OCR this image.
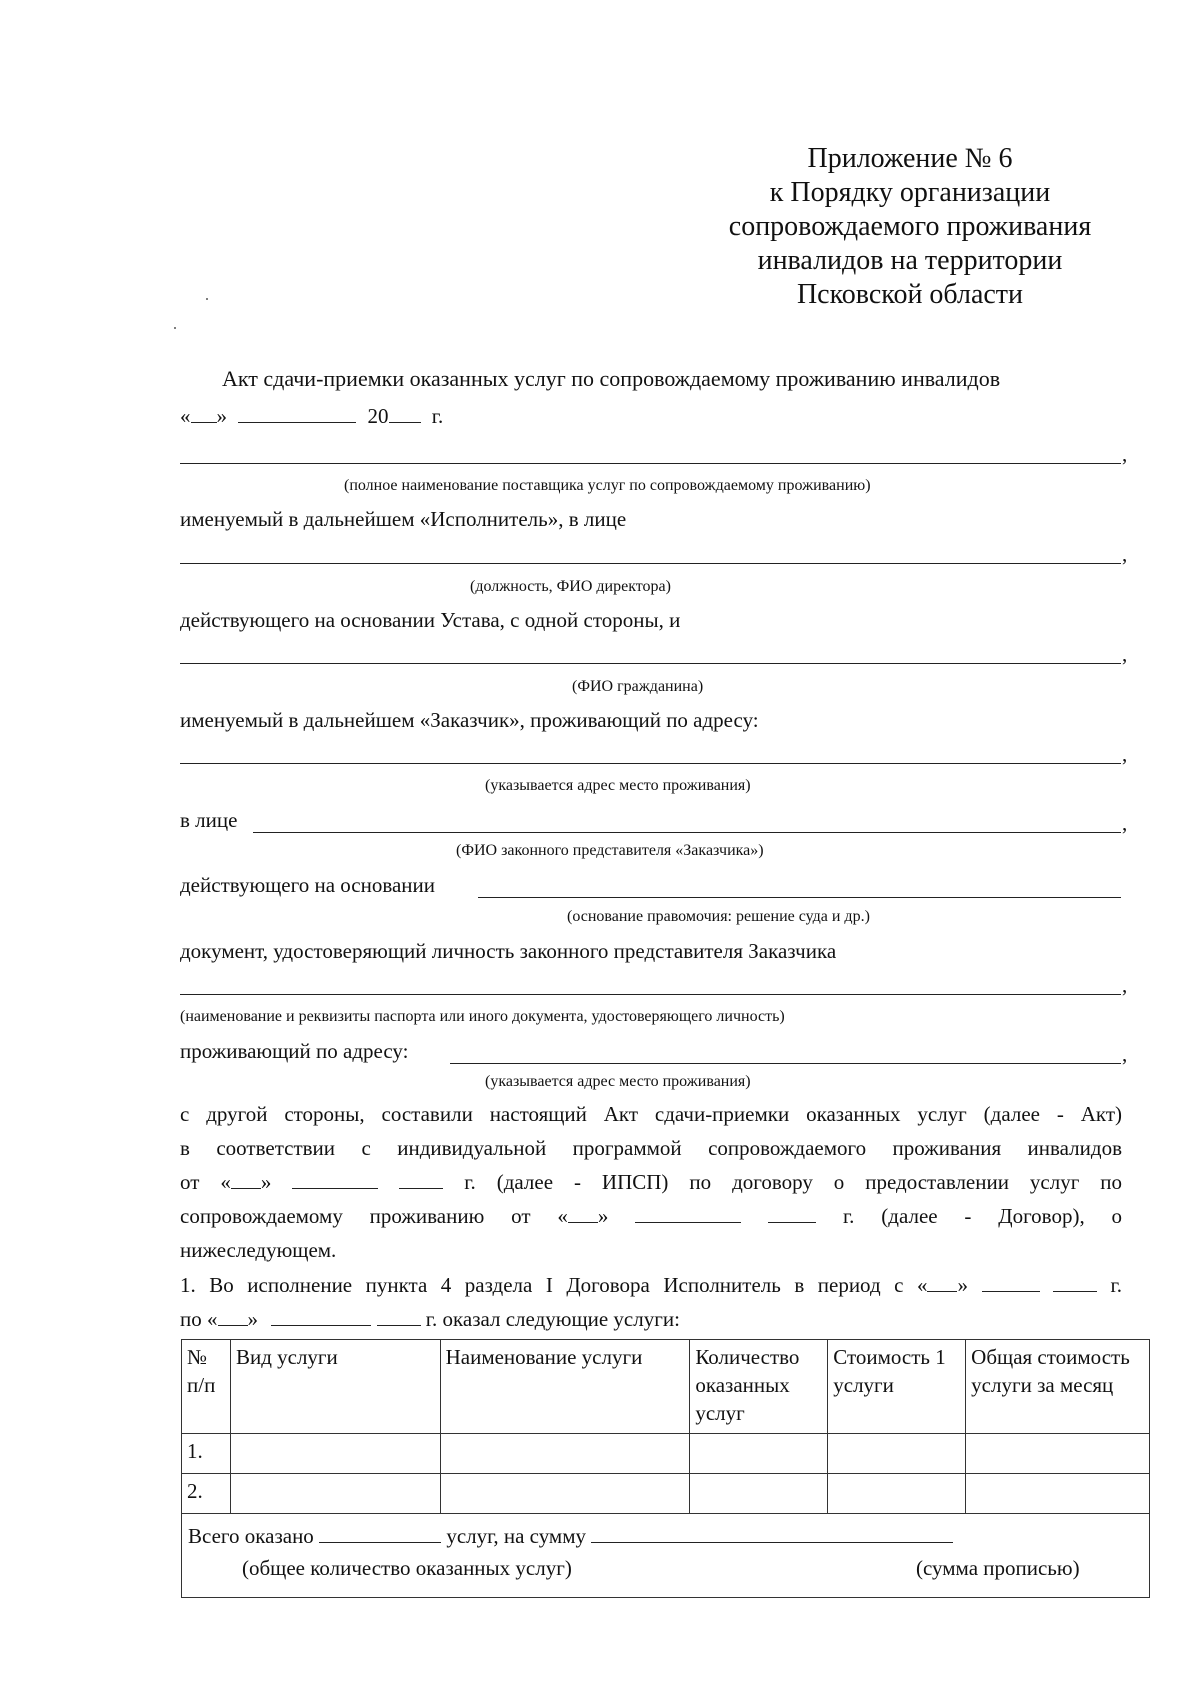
Приложение № 6
к Порядку организации
сопровождаемого проживания
инвалидов на территории
Псковской области
Акт сдачи-приемки оказанных услуг по сопровождаемому проживанию инвалидов
« »	20 г.
,
(полное наименование поставщика услуг по сопровождаемому проживанию)
именуемый в дальнейшем «Исполнитель», в лице
,
(должность, ФИО директора)
действующего на основании Устава, с одной стороны, и
,
(ФИО гражданина)
именуемый в дальнейшем «Заказчик», проживающий по адресу:
,
(указывается адрес место проживания)
в лице	,
(ФИО законного представителя «Заказчика»)
действующего на основании
(основание правомочия: решение суда и др.)
документ, удостоверяющий личность законного представителя Заказчика
,
(наименование и реквизиты паспорта или иного документа, удостоверяющего личность)
проживающий по адресу:	,
(указывается адрес место проживания)
с другой стороны, составили настоящий Акт сдачи-приемки оказанных услуг (далее - Акт)
в соответствии с индивидуальной программой сопровождаемого проживания инвалидов
от « »	г. (далее - ИПСП) по договору о предоставлении услуг по
сопровождаемому проживанию от « »	г. (далее - Договор), о
нижеследующем.
1. Во исполнение пункта 4 раздела I Договора Исполнитель в период с « »	г.
по « »	г. оказал следующие услуги:
№ п/п	Вид услуги	Наименование услуги	Количество оказанных услуг	Стоимость 1 услуги	Общая стоимость услуги за месяц
1.					
2.					

Всего оказано услуг, на сумму
(общее количество оказанных услуг) (сумма прописью)					
